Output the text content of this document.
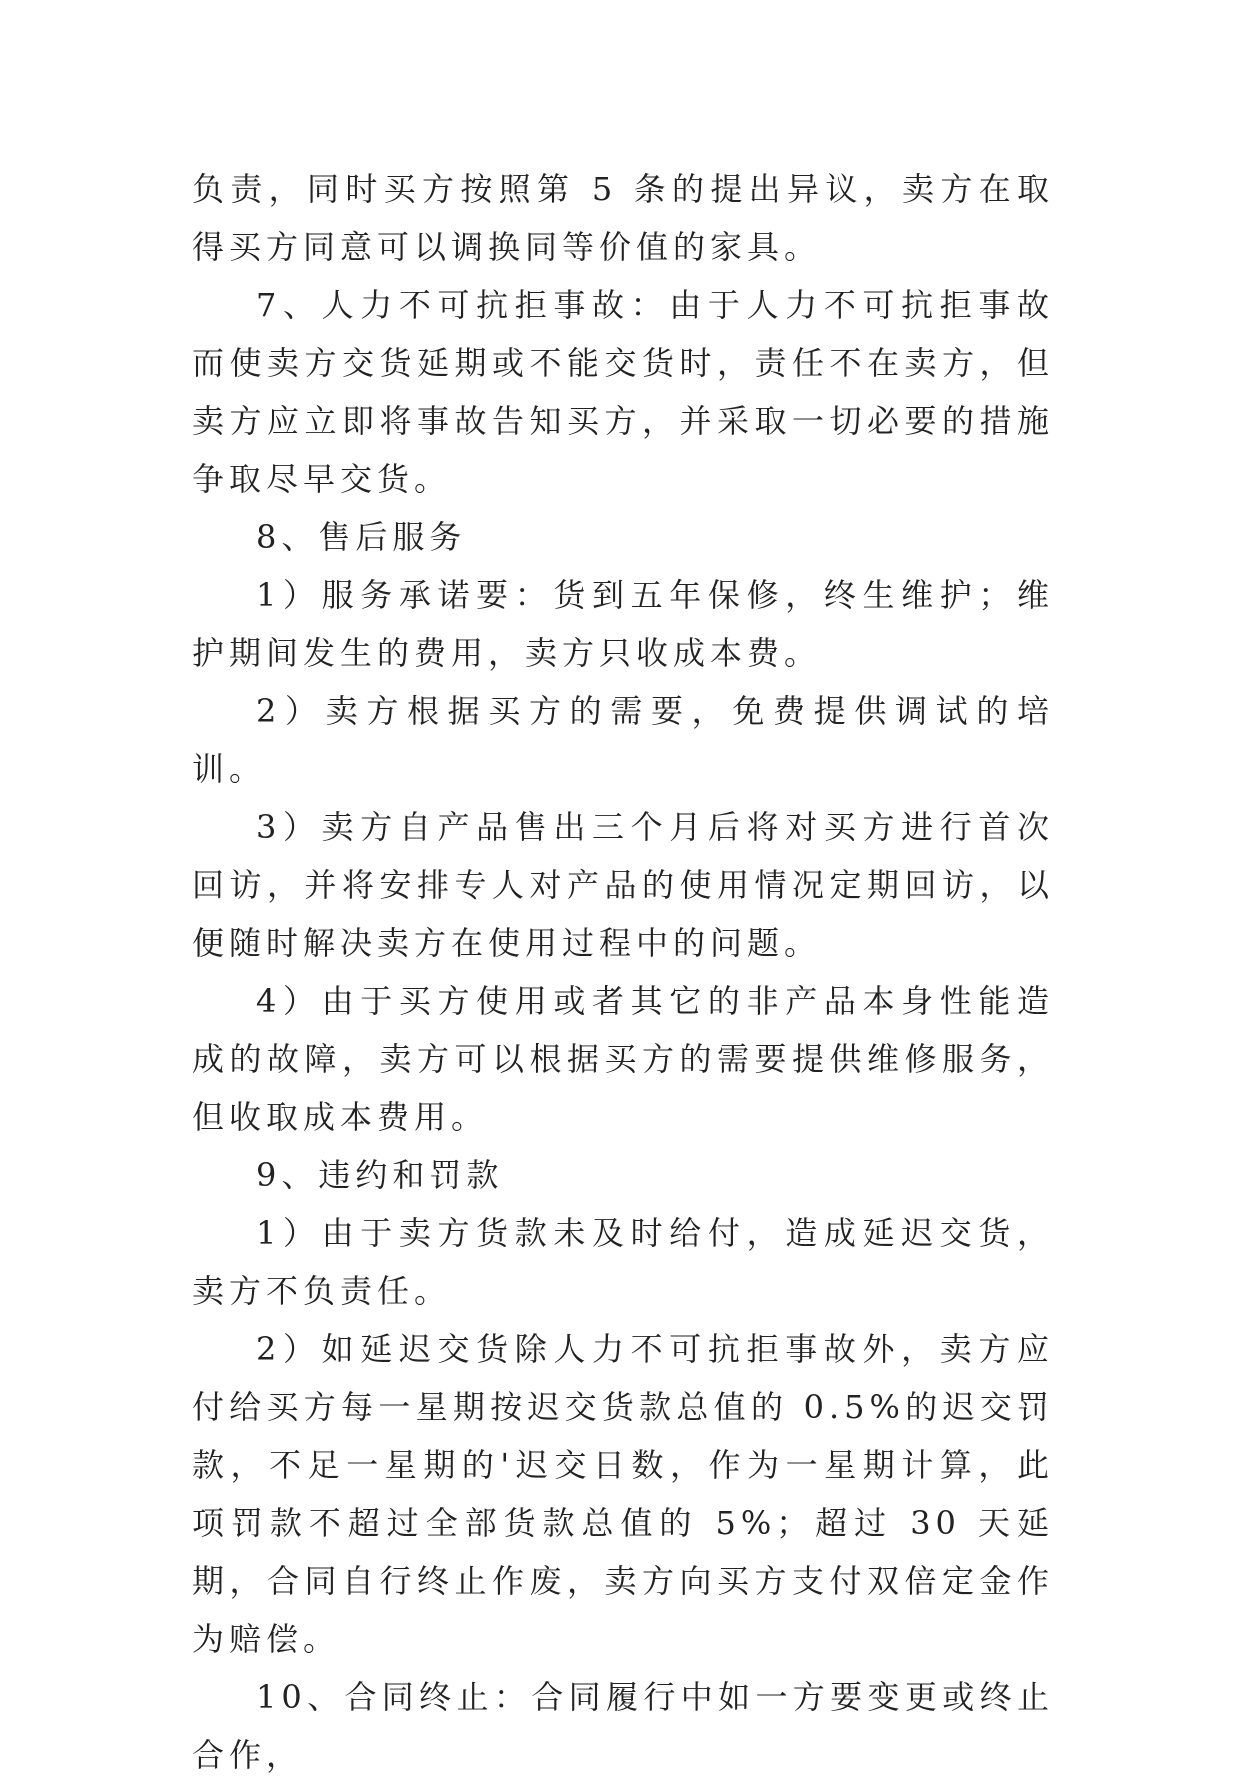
负责，同时买方按照第 5 条的提出异议，卖方在取得买方同意可以调换同等价值的家具。

7、人力不可抗拒事故：由于人力不可抗拒事故而使卖方交货延期或不能交货时，责任不在卖方，但卖方应立即将事故告知买方，并采取一切必要的措施争取尽早交货。

8、售后服务

1）服务承诺要：货到五年保修，终生维护；维护期间发生的费用，卖方只收成本费。

2）卖方根据买方的需要，免费提供调试的培训。

3）卖方自产品售出三个月后将对买方进行首次回访，并将安排专人对产品的使用情况定期回访，以便随时解决卖方在使用过程中的问题。

4）由于买方使用或者其它的非产品本身性能造成的故障，卖方可以根据买方的需要提供维修服务，但收取成本费用。

9、违约和罚款

1）由于卖方货款未及时给付，造成延迟交货，卖方不负责任。

2）如延迟交货除人力不可抗拒事故外，卖方应付给买方每一星期按迟交货款总值的 0.5%的迟交罚款，不足一星期的'迟交日数，作为一星期计算，此项罚款不超过全部货款总值的 5%；超过 30 天延期，合同自行终止作废，卖方向买方支付双倍定金作为赔偿。

10、合同终止：合同履行中如一方要变更或终止合作，
